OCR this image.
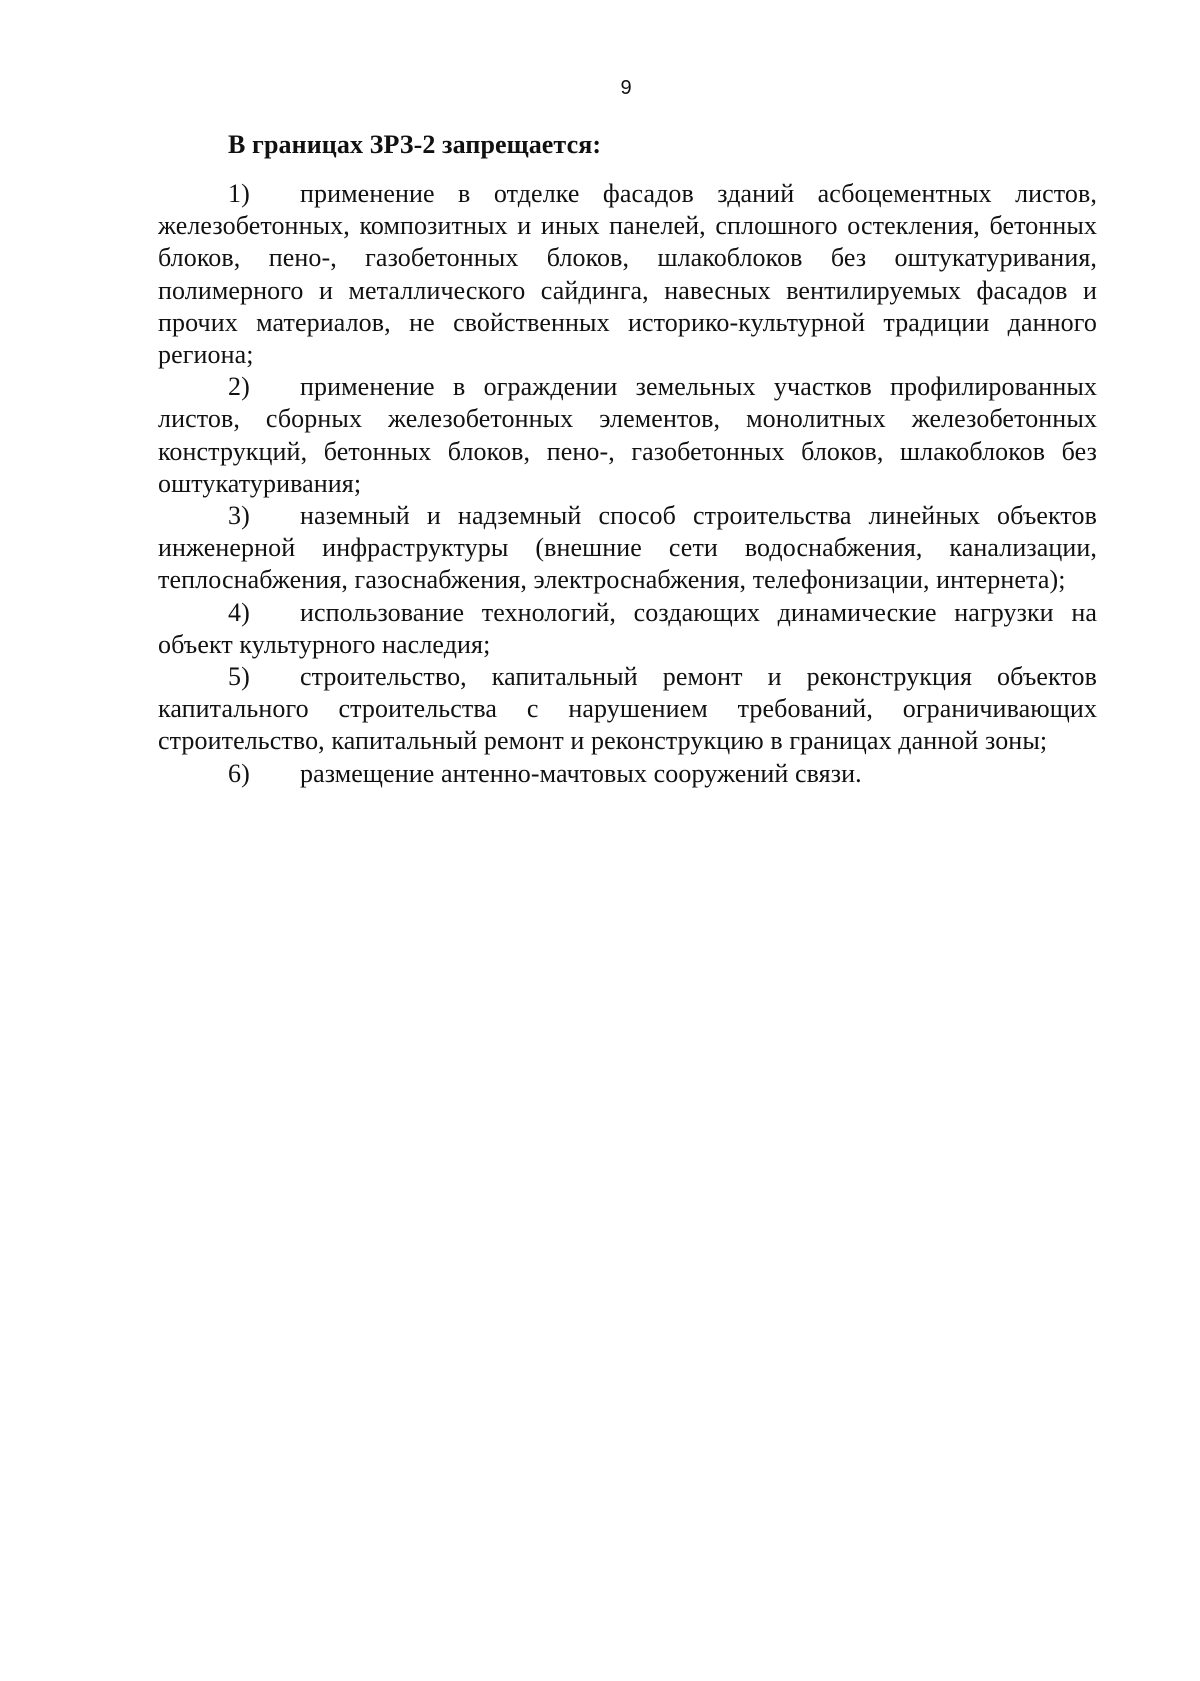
9

В границах ЗРЗ-2 запрещается:

1) применение в отделке фасадов зданий асбоцементных листов, железобетонных, композитных и иных панелей, сплошного остекления, бетонных блоков, пено-, газобетонных блоков, шлакоблоков без оштукатуривания, полимерного и металлического сайдинга, навесных вентилируемых фасадов и прочих материалов, не свойственных историко-культурной традиции данного региона;

2) применение в ограждении земельных участков профилированных листов, сборных железобетонных элементов, монолитных железобетонных конструкций, бетонных блоков, пено-, газобетонных блоков, шлакоблоков без оштукатуривания;

3) наземный и надземный способ строительства линейных объектов инженерной инфраструктуры (внешние сети водоснабжения, канализации, теплоснабжения, газоснабжения, электроснабжения, телефонизации, интернета);

4) использование технологий, создающих динамические нагрузки на объект культурного наследия;

5) строительство, капитальный ремонт и реконструкция объектов капитального строительства с нарушением требований, ограничивающих строительство, капитальный ремонт и реконструкцию в границах данной зоны;

6) размещение антенно-мачтовых сооружений связи.
